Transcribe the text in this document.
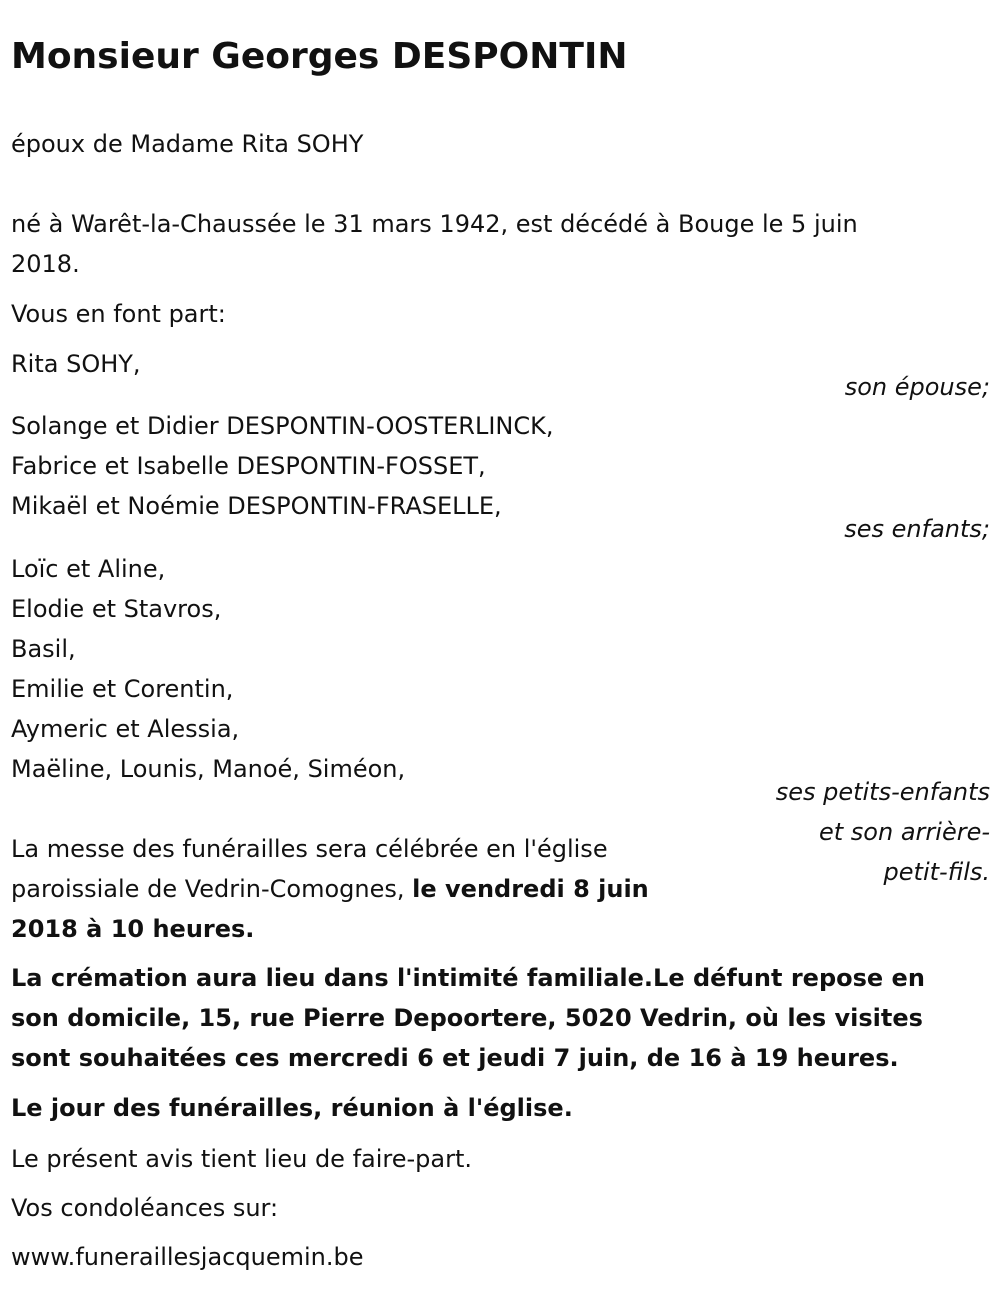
Monsieur Georges DESPONTIN
époux de Madame Rita SOHY
né à Warêt-la-Chaussée le 31 mars 1942, est décédé à Bouge le 5 juin
2018.
Vous en font part:
Rita SOHY,
son épouse;
Solange et Didier DESPONTIN-OOSTERLINCK,
Fabrice et Isabelle DESPONTIN-FOSSET,
Mikaël et Noémie DESPONTIN-FRASELLE,
ses enfants;
Loïc et Aline,
Elodie et Stavros,
Basil,
Emilie et Corentin,
Aymeric et Alessia,
Maëline, Lounis, Manoé, Siméon,
ses petits-enfants
et son arrière-
petit-fils.
La messe des funérailles sera célébrée en l'église
paroissiale de Vedrin-Comognes, le vendredi 8 juin
2018 à 10 heures.
La crémation aura lieu dans l'intimité familiale.Le défunt repose en
son domicile, 15, rue Pierre Depoortere, 5020 Vedrin, où les visites
sont souhaitées ces mercredi 6 et jeudi 7 juin, de 16 à 19 heures.
Le jour des funérailles, réunion à l'église.
Le présent avis tient lieu de faire-part.
Vos condoléances sur:
www.funeraillesjacquemin.be
